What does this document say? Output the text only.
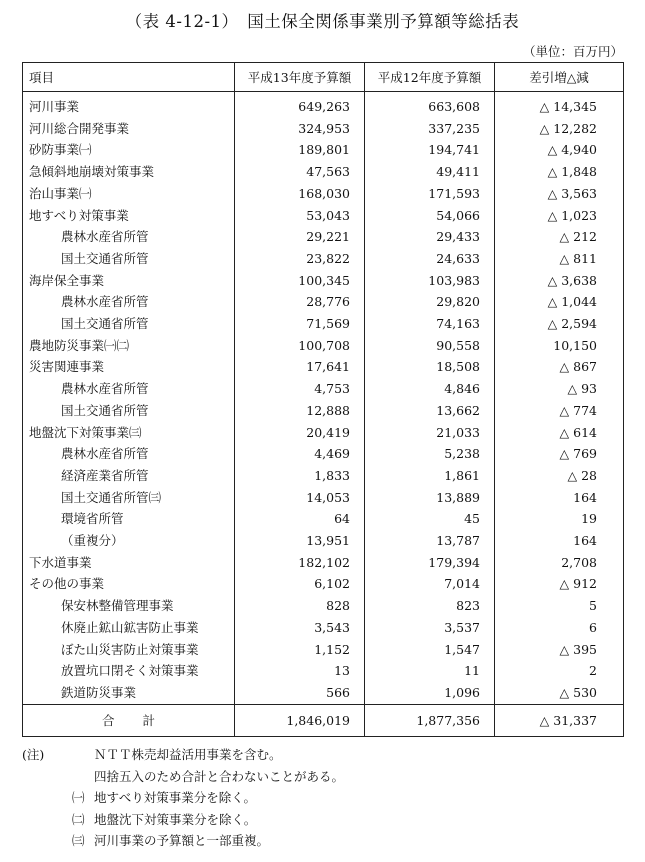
（表 4-12-1）　国土保全関係事業別予算額等総括表
（単位：百万円）
項目	平成13年度予算額	平成12年度予算額	差引増△減
河川事業	649,263	663,608	△ 14,345
河川総合開発事業	324,953	337,235	△ 12,282
砂防事業㈠	189,801	194,741	△ 4,940
急傾斜地崩壊対策事業	47,563	49,411	△ 1,848
治山事業㈠	168,030	171,593	△ 3,563
地すべり対策事業	53,043	54,066	△ 1,023
農林水産省所管	29,221	29,433	△ 212
国土交通省所管	23,822	24,633	△ 811
海岸保全事業	100,345	103,983	△ 3,638
農林水産省所管	28,776	29,820	△ 1,044
国土交通省所管	71,569	74,163	△ 2,594
農地防災事業㈠㈡	100,708	90,558	10,150
災害関連事業	17,641	18,508	△ 867
農林水産省所管	4,753	4,846	△ 93
国土交通省所管	12,888	13,662	△ 774
地盤沈下対策事業㈢	20,419	21,033	△ 614
農林水産省所管	4,469	5,238	△ 769
経済産業省所管	1,833	1,861	△ 28
国土交通省所管㈢	14,053	13,889	164
環境省所管	64	45	19
（重複分）	13,951	13,787	164
下水道事業	182,102	179,394	2,708
その他の事業	6,102	7,014	△ 912
保安林整備管理事業	828	823	5
休廃止鉱山鉱害防止事業	3,543	3,537	6
ぼた山災害防止対策事業	1,152	1,547	△ 395
放置坑口閉そく対策事業	13	11	2
鉄道防災事業	566	1,096	△ 530
合計	1,846,019	1,877,356	△ 31,337
(注)	ＮＴＴ株売却益活用事業を含む。
四捨五入のため合計と合わないことがある。
㈠ 地すべり対策事業分を除く。
㈡ 地盤沈下対策事業分を除く。
㈢ 河川事業の予算額と一部重複。
